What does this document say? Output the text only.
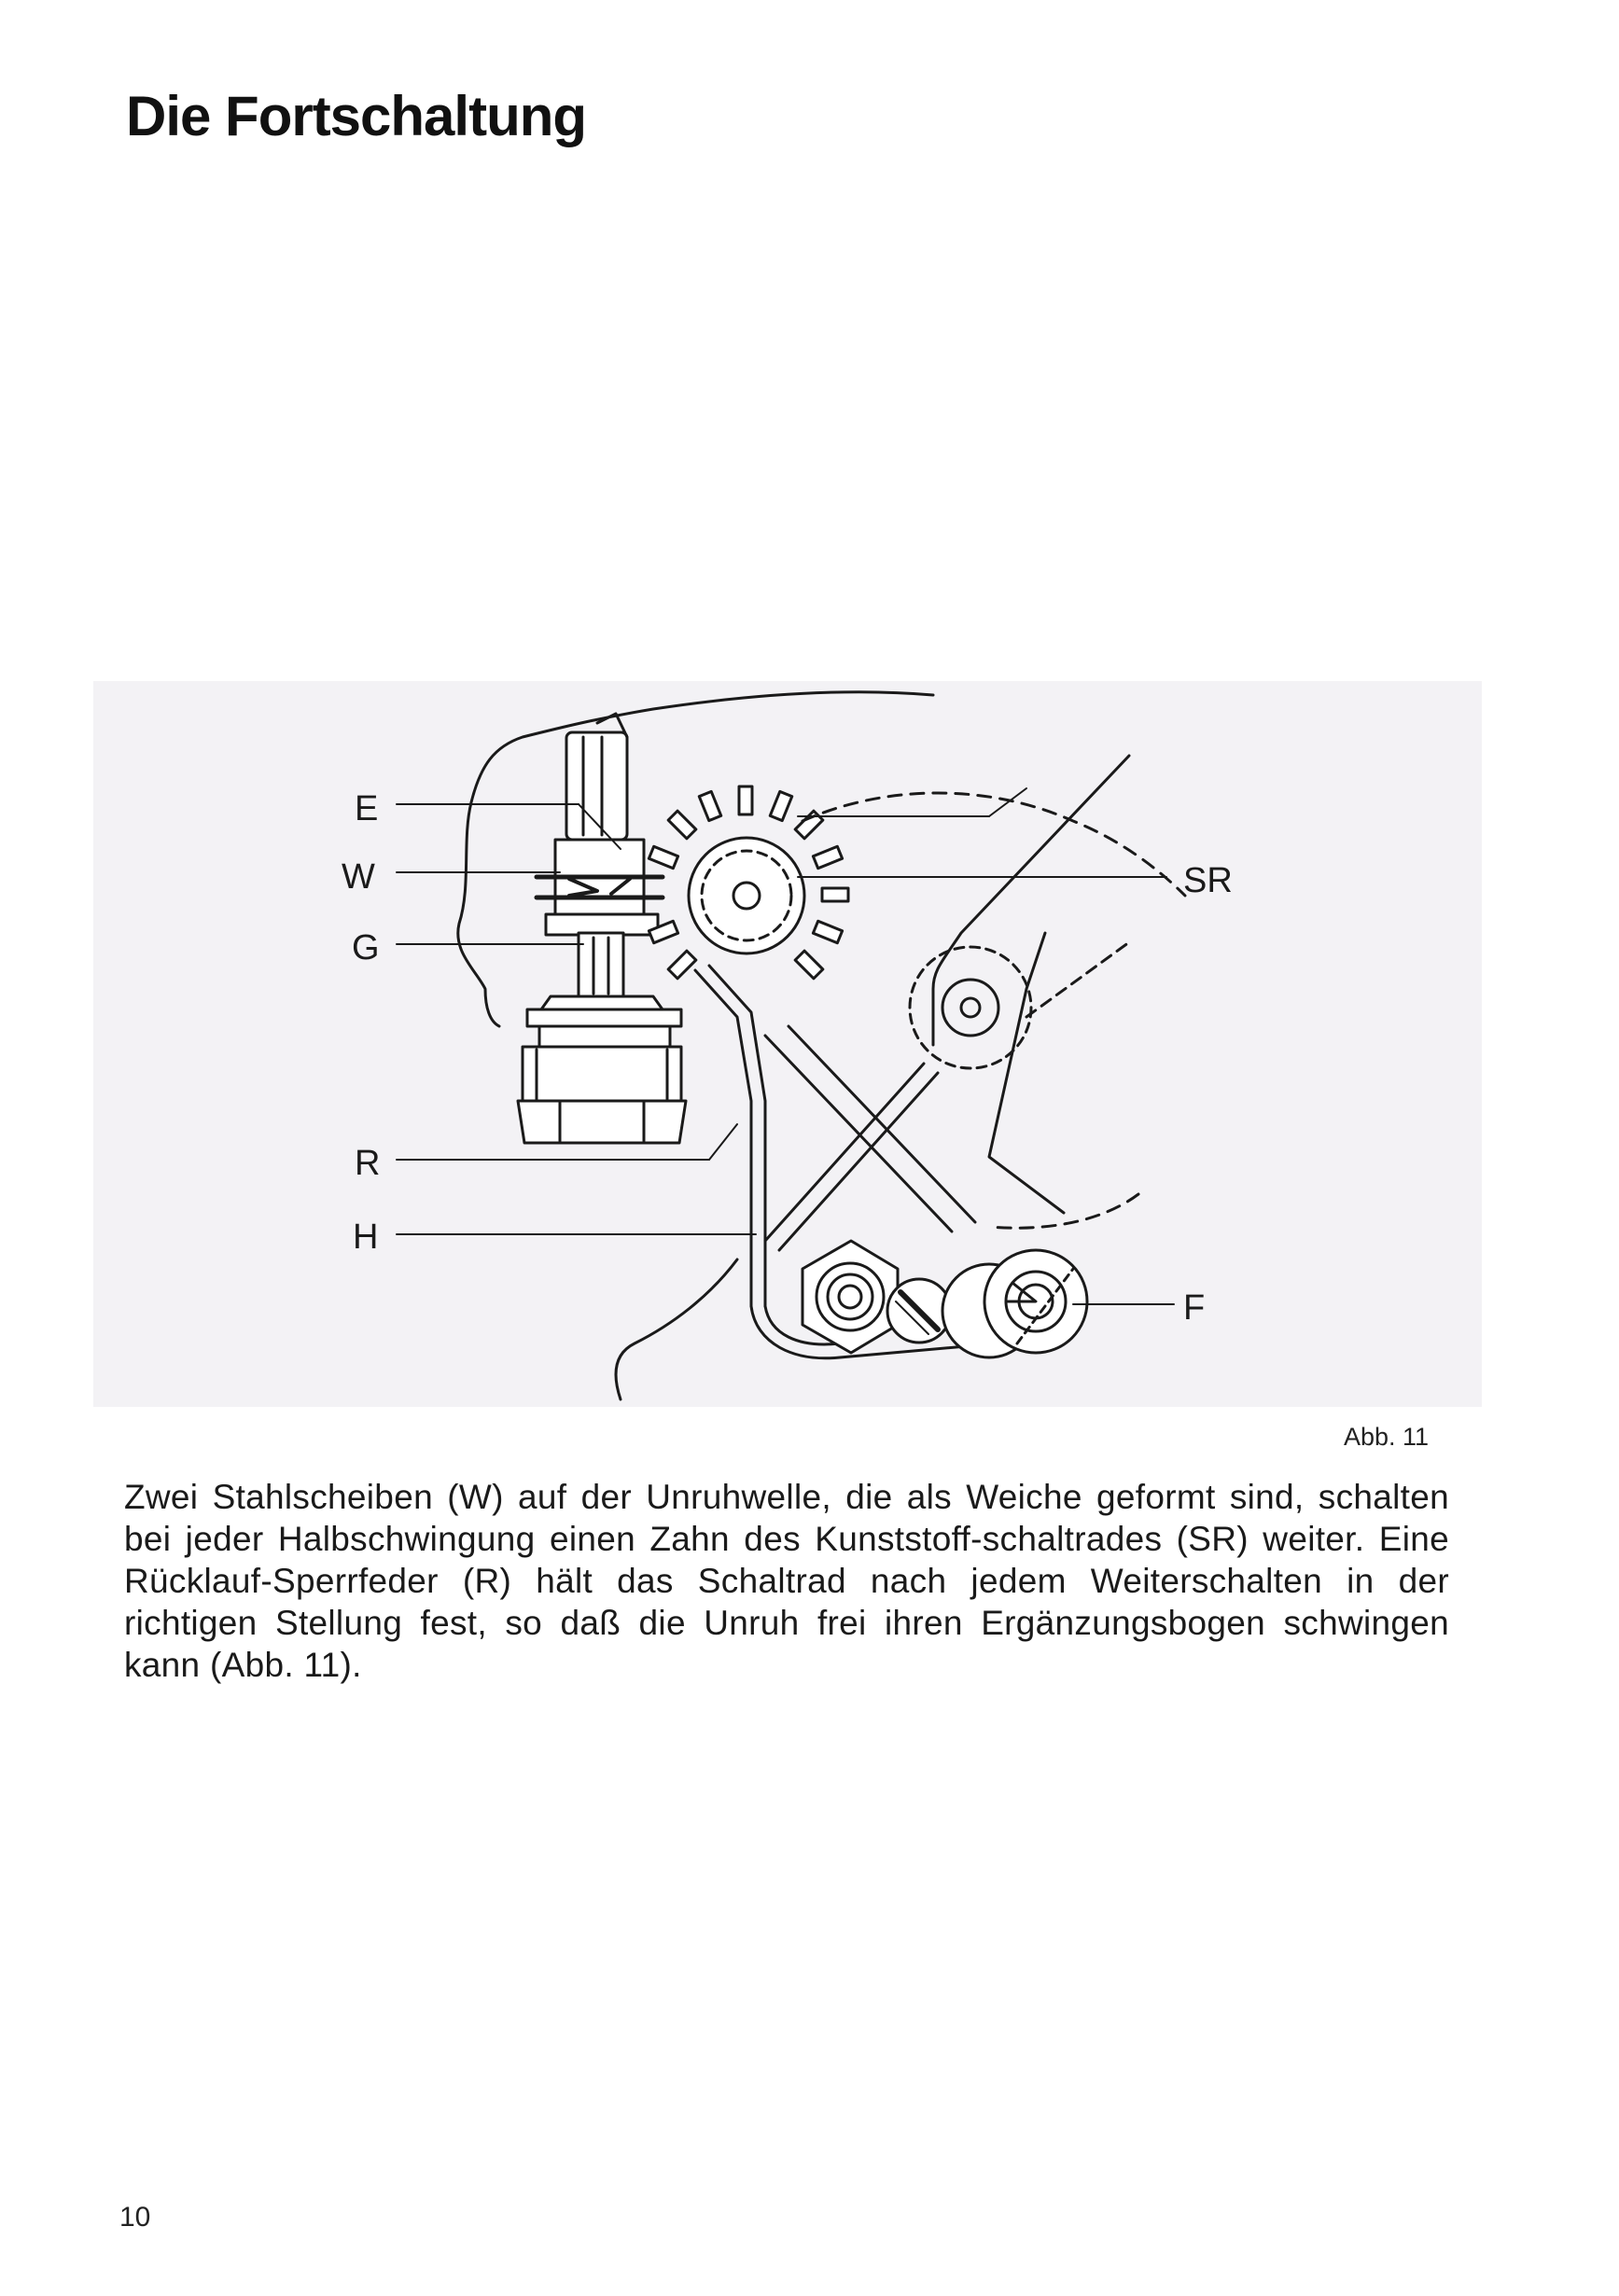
Die Fortschaltung
E
W
G
R
H
SR
F
Abb. 11

Zwei Stahlscheiben (W) auf der Unruhwelle, die als Weiche geformt sind, schalten bei jeder Halbschwingung einen Zahn des Kunststoff-schaltrades (SR) weiter. Eine Rücklauf-Sperrfeder (R) hält das Schaltrad nach jedem Weiterschalten in der richtigen Stellung fest, so daß die Unruh frei ihren Ergänzungsbogen schwingen kann (Abb. 11).

10
